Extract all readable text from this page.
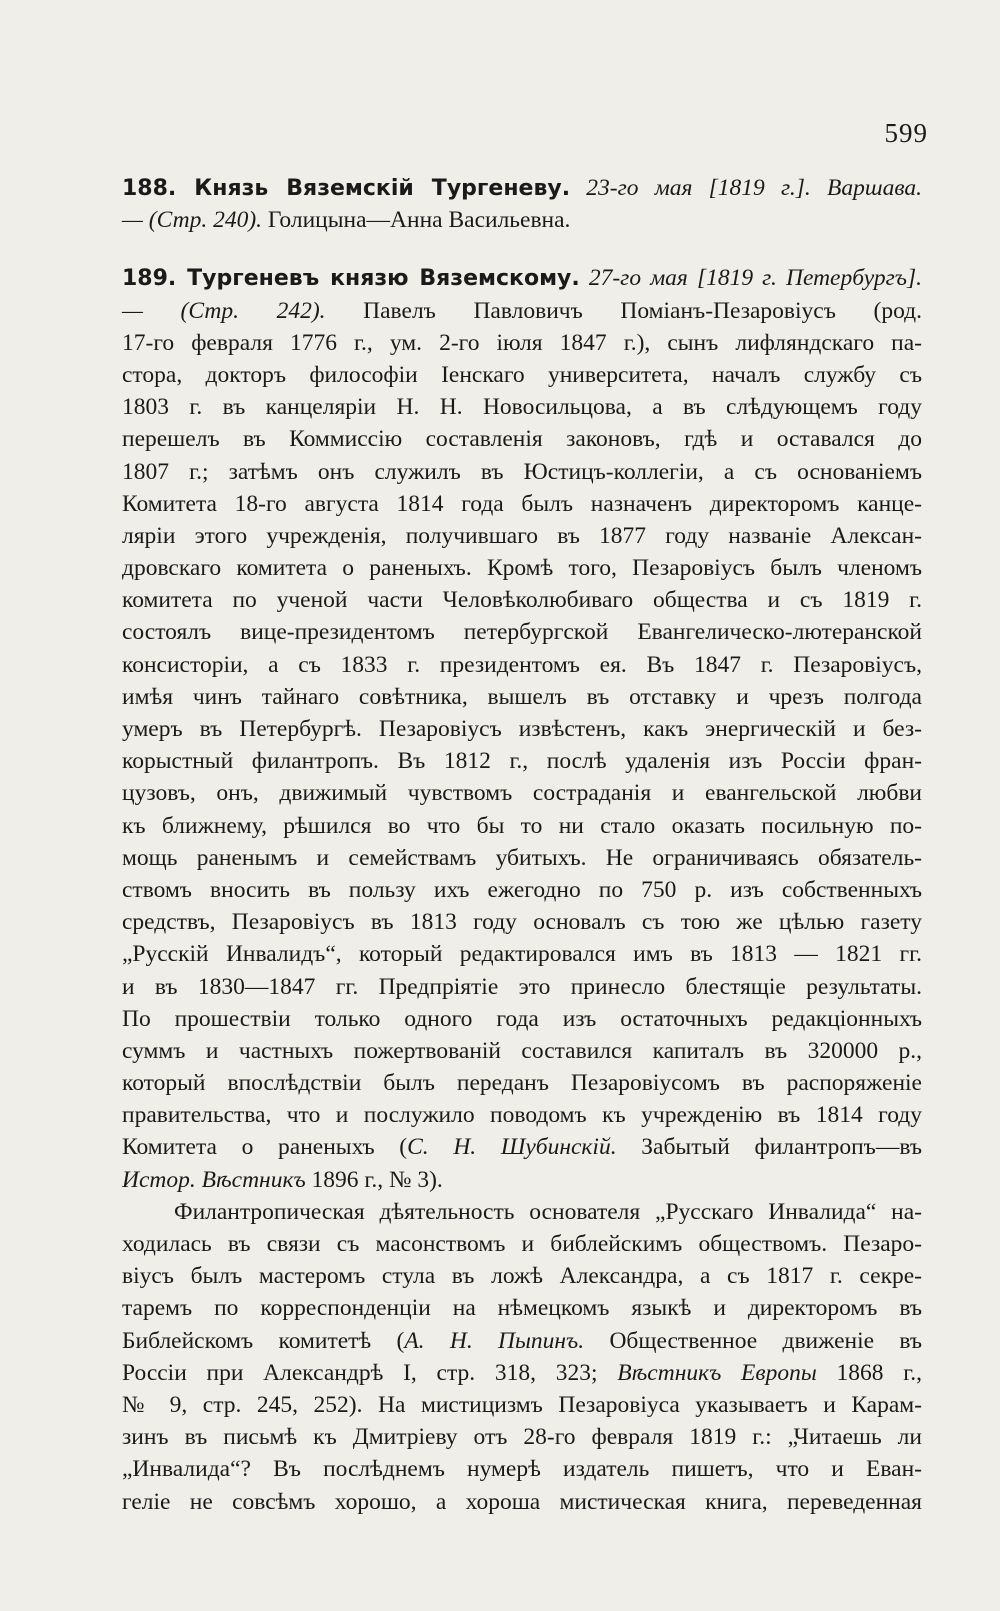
599
188. Князь Вяземскій Тургеневу. 23-го мая [1819 г.]. Варшава.
— (Стр. 240). Голицына—Анна Васильевна.
189. Тургеневъ князю Вяземскому. 27-го мая [1819 г. Петербургъ].
— (Стр. 242). Павелъ Павловичъ Поміанъ-Пезаровіусъ (род.
17-го февраля 1776 г., ум. 2-го іюля 1847 г.), сынъ лифляндскаго па-
стора, докторъ философіи Іенскаго университета, началъ службу съ
1803 г. въ канцеляріи Н. Н. Новосильцова, а въ слѣдующемъ году
перешелъ въ Коммиссію составленія законовъ, гдѣ и оставался до
1807 г.; затѣмъ онъ служилъ въ Юстицъ-коллегіи, а съ основаніемъ
Комитета 18-го августа 1814 года былъ назначенъ директоромъ канце-
ляріи этого учрежденія, получившаго въ 1877 году названіе Алексан-
дровскаго комитета о раненыхъ. Кромѣ того, Пезаровіусъ былъ членомъ
комитета по ученой части Человѣколюбиваго общества и съ 1819 г.
состоялъ вице-президентомъ петербургской Евангелическо-лютеранской
консисторіи, а съ 1833 г. президентомъ ея. Въ 1847 г. Пезаровіусъ,
имѣя чинъ тайнаго совѣтника, вышелъ въ отставку и чрезъ полгода
умеръ въ Петербургѣ. Пезаровіусъ извѣстенъ, какъ энергическій и без-
корыстный филантропъ. Въ 1812 г., послѣ удаленія изъ Россіи фран-
цузовъ, онъ, движимый чувствомъ состраданія и евангельской любви
къ ближнему, рѣшился во что бы то ни стало оказать посильную по-
мощь раненымъ и семействамъ убитыхъ. Не ограничиваясь обязатель-
ствомъ вносить въ пользу ихъ ежегодно по 750 р. изъ собственныхъ
средствъ, Пезаровіусъ въ 1813 году основалъ съ тою же цѣлью газету
„Русскій Инвалидъ“, который редактировался имъ въ 1813 — 1821 гг.
и въ 1830—1847 гг. Предпріятіе это принесло блестящіе результаты.
По прошествіи только одного года изъ остаточныхъ редакціонныхъ
суммъ и частныхъ пожертвованій составился капиталъ въ 320000 р.,
который впослѣдствіи былъ переданъ Пезаровіусомъ въ распоряженіе
правительства, что и послужило поводомъ къ учрежденію въ 1814 году
Комитета о раненыхъ (С. Н. Шубинскій. Забытый филантропъ—въ
Истор. Вѣстникъ 1896 г., № 3).
Филантропическая дѣятельность основателя „Русскаго Инвалида“ на-
ходилась въ связи съ масонствомъ и библейскимъ обществомъ. Пезаро-
віусъ былъ мастеромъ стула въ ложѣ Александра, а съ 1817 г. секре-
таремъ по корреспонденціи на нѣмецкомъ языкѣ и директоромъ въ
Библейскомъ комитетѣ (А. Н. Пыпинъ. Общественное движеніе въ
Россіи при Александрѣ I, стр. 318, 323; Вѣстникъ Европы 1868 г.,
№ 9, стр. 245, 252). На мистицизмъ Пезаровіуса указываетъ и Карам-
зинъ въ письмѣ къ Дмитріеву отъ 28-го февраля 1819 г.: „Читаешь ли
„Инвалида“? Въ послѣднемъ нумерѣ издатель пишетъ, что и Еван-
геліе не совсѣмъ хорошо, а хороша мистическая книга, переведенная
